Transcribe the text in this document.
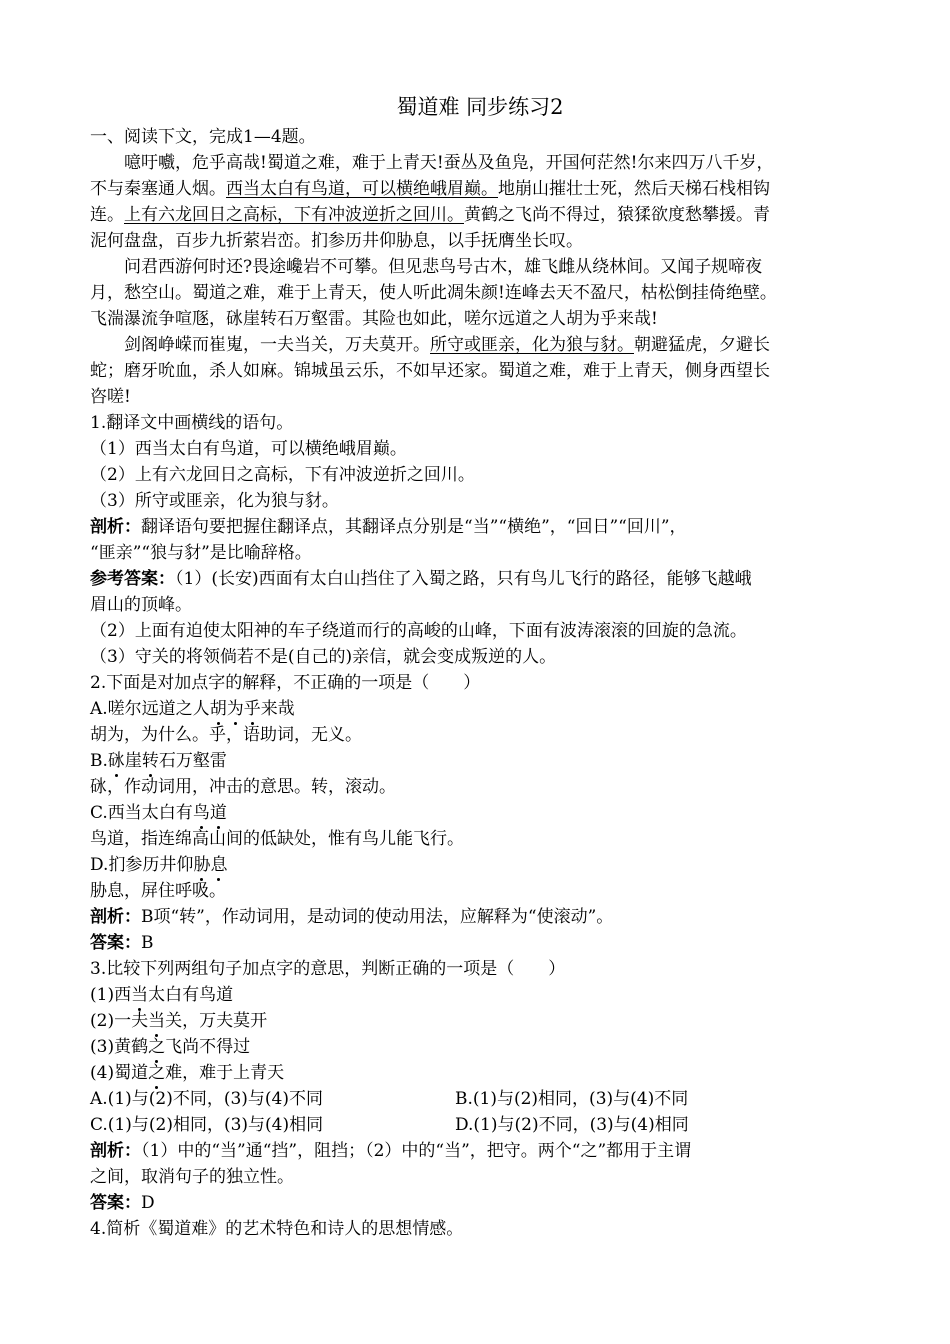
蜀道难 同步练习2
一、阅读下文，完成1—4题。
噫吁嚱，危乎高哉!蜀道之难，难于上青天!蚕丛及鱼凫，开国何茫然!尔来四万八千岁，
不与秦塞通人烟。西当太白有鸟道，可以横绝峨眉巅。地崩山摧壮士死，然后天梯石栈相钩
连。上有六龙回日之高标，下有冲波逆折之回川。黄鹤之飞尚不得过，猿猱欲度愁攀援。青
泥何盘盘，百步九折萦岩峦。扪参历井仰胁息，以手抚膺坐长叹。
问君西游何时还?畏途巉岩不可攀。但见悲鸟号古木，雄飞雌从绕林间。又闻子规啼夜
月，愁空山。蜀道之难，难于上青天，使人听此凋朱颜!连峰去天不盈尺，枯松倒挂倚绝壁。
飞湍瀑流争喧豗，砯崖转石万壑雷。其险也如此，嗟尔远道之人胡为乎来哉!
剑阁峥嵘而崔嵬，一夫当关，万夫莫开。所守或匪亲，化为狼与豺。朝避猛虎，夕避长
蛇；磨牙吮血，杀人如麻。锦城虽云乐，不如早还家。蜀道之难，难于上青天，侧身西望长
咨嗟!
1.翻译文中画横线的语句。
（1）西当太白有鸟道，可以横绝峨眉巅。
（2）上有六龙回日之高标，下有冲波逆折之回川。
（3）所守或匪亲，化为狼与豺。
剖析：翻译语句要把握住翻译点，其翻译点分别是“当”“横绝”，“回日”“回川”，
“匪亲”“狼与豺”是比喻辞格。
参考答案：（1）(长安)西面有太白山挡住了入蜀之路，只有鸟儿飞行的路径，能够飞越峨
眉山的顶峰。
（2）上面有迫使太阳神的车子绕道而行的高峻的山峰，下面有波涛滚滚的回旋的急流。
（3）守关的将领倘若不是(自己的)亲信，就会变成叛逆的人。
2.下面是对加点字的解释，不正确的一项是（　　）
A.嗟尔远道之人胡为乎来哉
胡为，为什么。乎，语助词，无义。
B.砯崖转石万壑雷
砯，作动词用，冲击的意思。转，滚动。
C.西当太白有鸟道
鸟道，指连绵高山间的低缺处，惟有鸟儿能飞行。
D.扪参历井仰胁息
胁息，屏住呼吸。
剖析：B项“转”，作动词用，是动词的使动用法，应解释为“使滚动”。
答案：B
3.比较下列两组句子加点字的意思，判断正确的一项是（　　）
(1)西当太白有鸟道
(2)一夫当关，万夫莫开
(3)黄鹤之飞尚不得过
(4)蜀道之难，难于上青天
A.(1)与(2)不同，(3)与(4)不同	B.(1)与(2)相同，(3)与(4)不同
C.(1)与(2)相同，(3)与(4)相同	D.(1)与(2)不同，(3)与(4)相同
剖析：（1）中的“当”通“挡”，阻挡；（2）中的“当”，把守。两个“之”都用于主谓
之间，取消句子的独立性。
答案：D
4.简析《蜀道难》的艺术特色和诗人的思想情感。
